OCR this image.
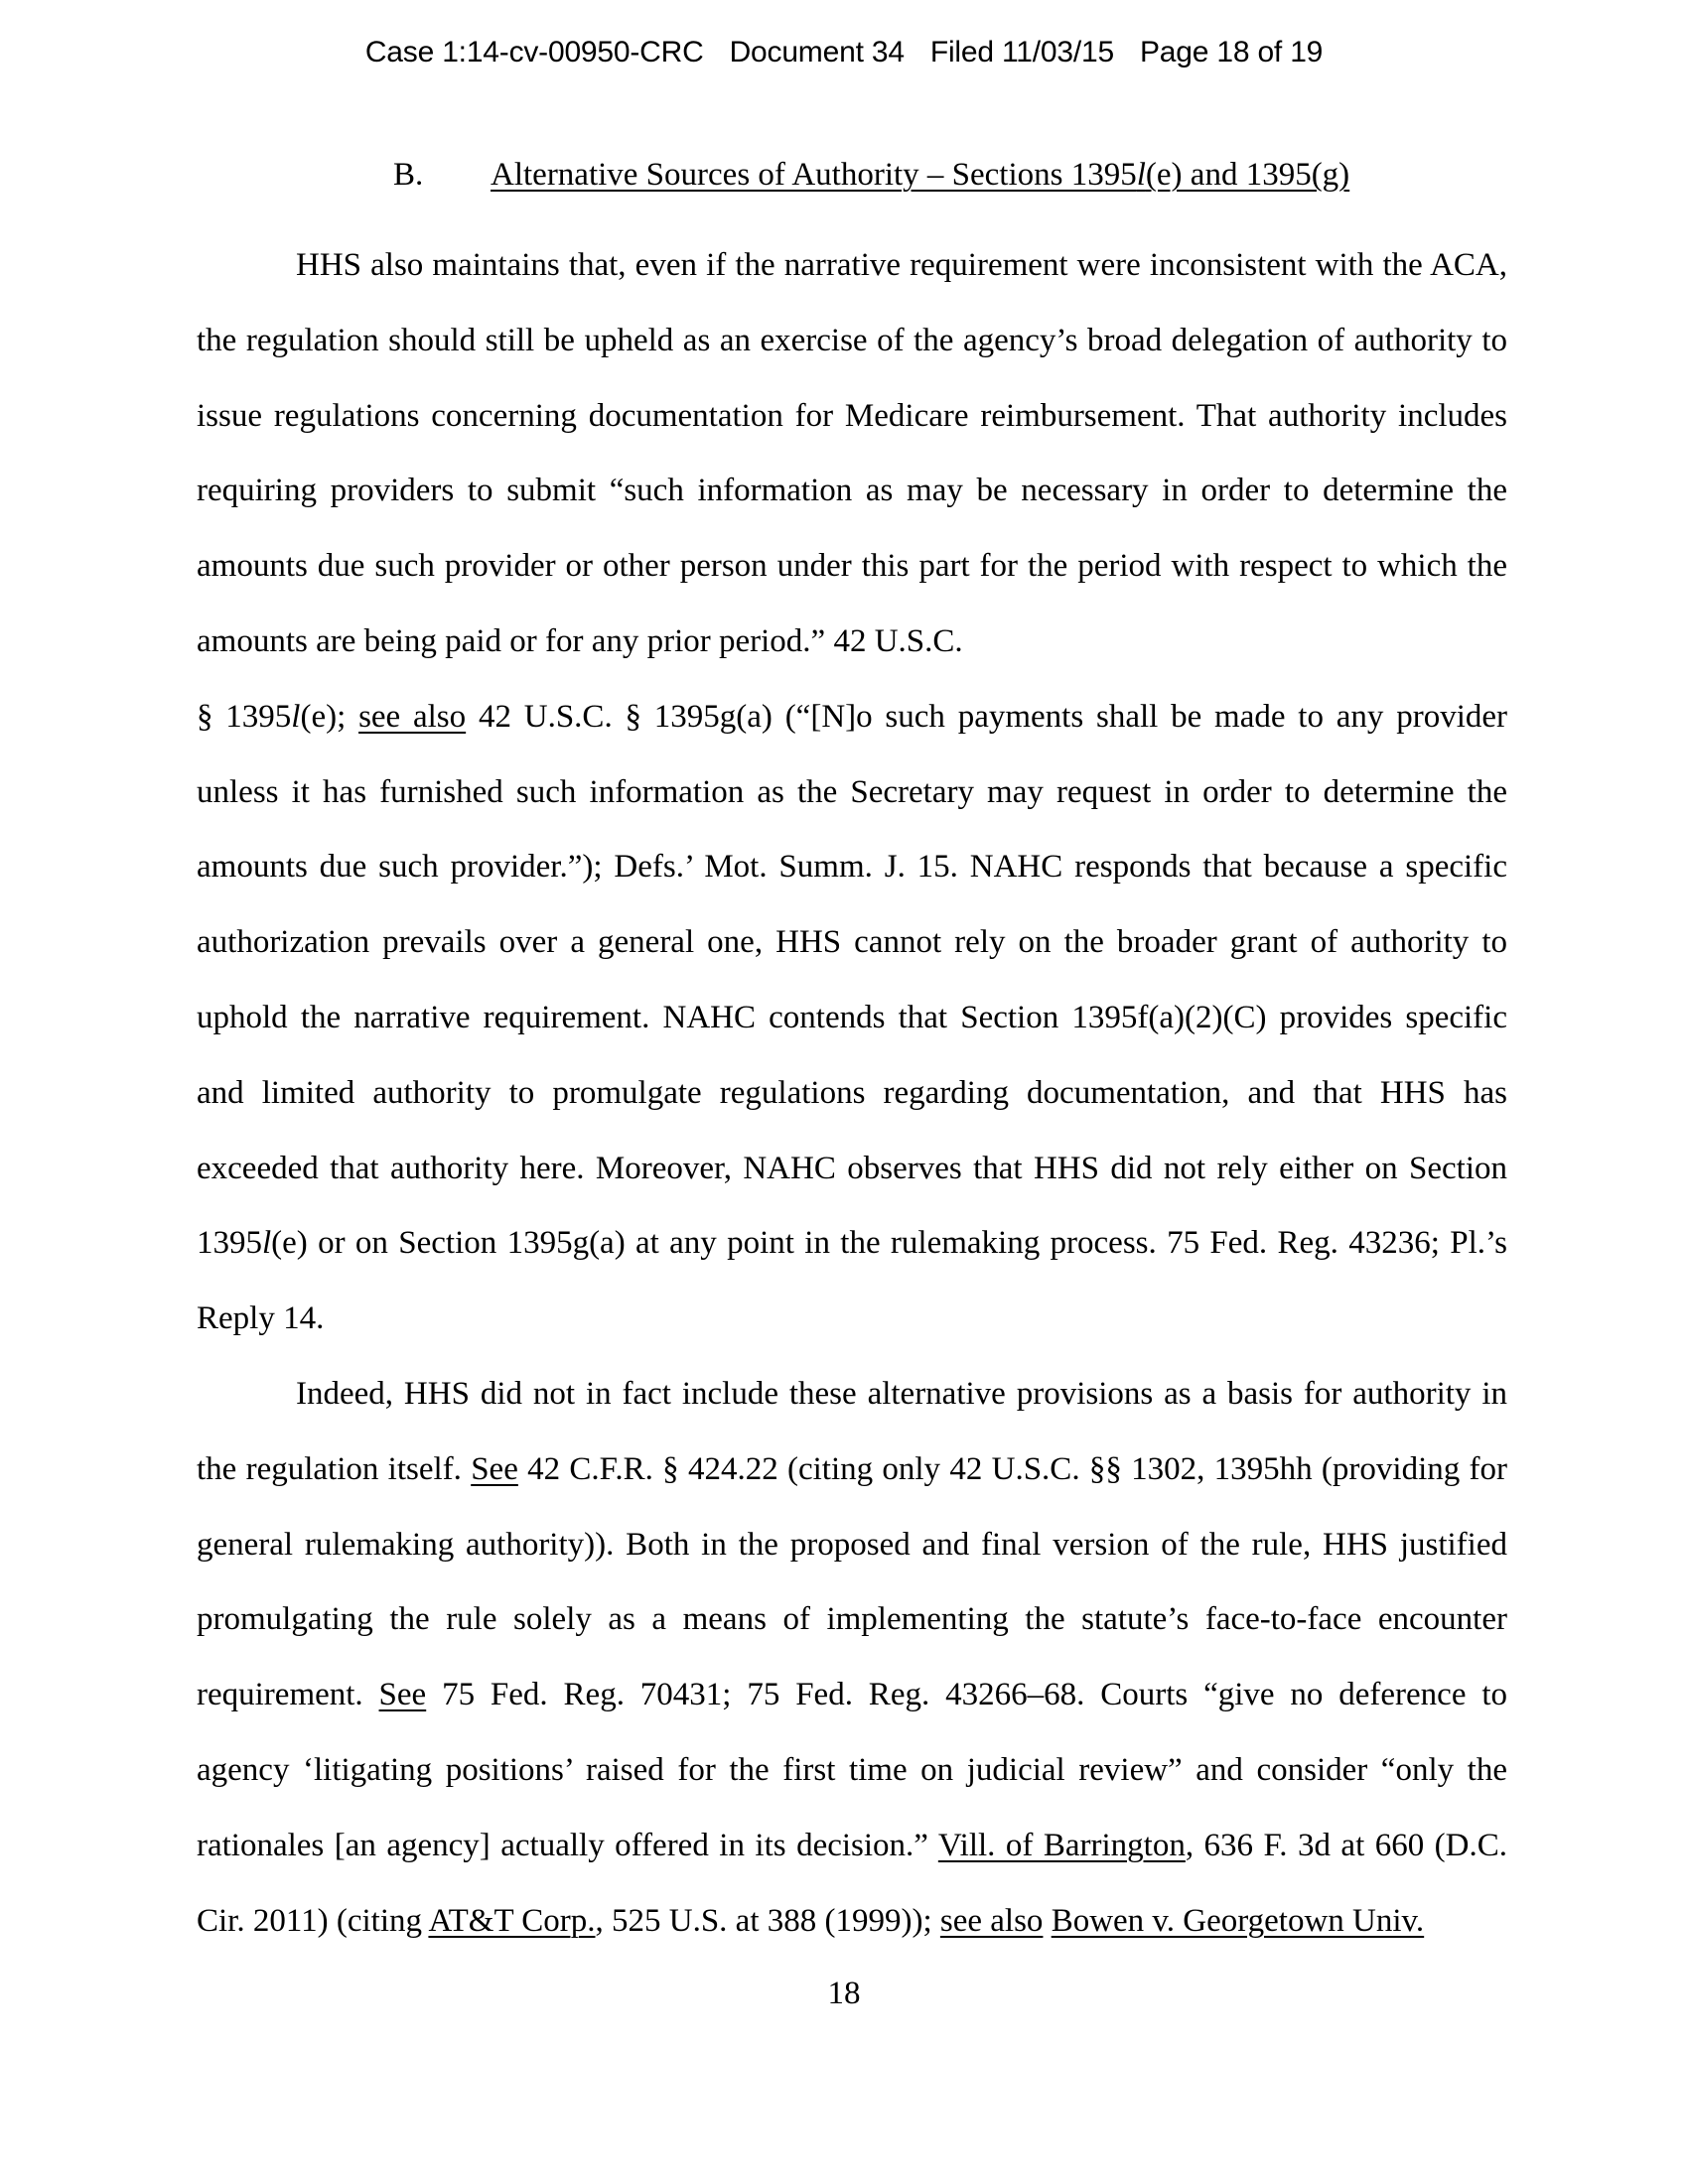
Case 1:14-cv-00950-CRC Document 34 Filed 11/03/15 Page 18 of 19
B. Alternative Sources of Authority – Sections 1395l(e) and 1395(g)
HHS also maintains that, even if the narrative requirement were inconsistent with the ACA,
the regulation should still be upheld as an exercise of the agency’s broad delegation of authority to
issue regulations concerning documentation for Medicare reimbursement. That authority includes
requiring providers to submit “such information as may be necessary in order to determine the
amounts due such provider or other person under this part for the period with respect to which the
amounts are being paid or for any prior period.” 42 U.S.C.
§ 1395l(e); see also 42 U.S.C. § 1395g(a) (“[N]o such payments shall be made to any provider
unless it has furnished such information as the Secretary may request in order to determine the
amounts due such provider.”); Defs.’ Mot. Summ. J. 15. NAHC responds that because a specific
authorization prevails over a general one, HHS cannot rely on the broader grant of authority to
uphold the narrative requirement. NAHC contends that Section 1395f(a)(2)(C) provides specific
and limited authority to promulgate regulations regarding documentation, and that HHS has
exceeded that authority here. Moreover, NAHC observes that HHS did not rely either on Section
1395l(e) or on Section 1395g(a) at any point in the rulemaking process. 75 Fed. Reg. 43236; Pl.’s
Reply 14.
Indeed, HHS did not in fact include these alternative provisions as a basis for authority in
the regulation itself. See 42 C.F.R. § 424.22 (citing only 42 U.S.C. §§ 1302, 1395hh (providing for
general rulemaking authority)). Both in the proposed and final version of the rule, HHS justified
promulgating the rule solely as a means of implementing the statute’s face-to-face encounter
requirement. See 75 Fed. Reg. 70431; 75 Fed. Reg. 43266–68. Courts “give no deference to
agency ‘litigating positions’ raised for the first time on judicial review” and consider “only the
rationales [an agency] actually offered in its decision.” Vill. of Barrington, 636 F. 3d at 660 (D.C.
Cir. 2011) (citing AT&T Corp., 525 U.S. at 388 (1999)); see also Bowen v. Georgetown Univ.
18
